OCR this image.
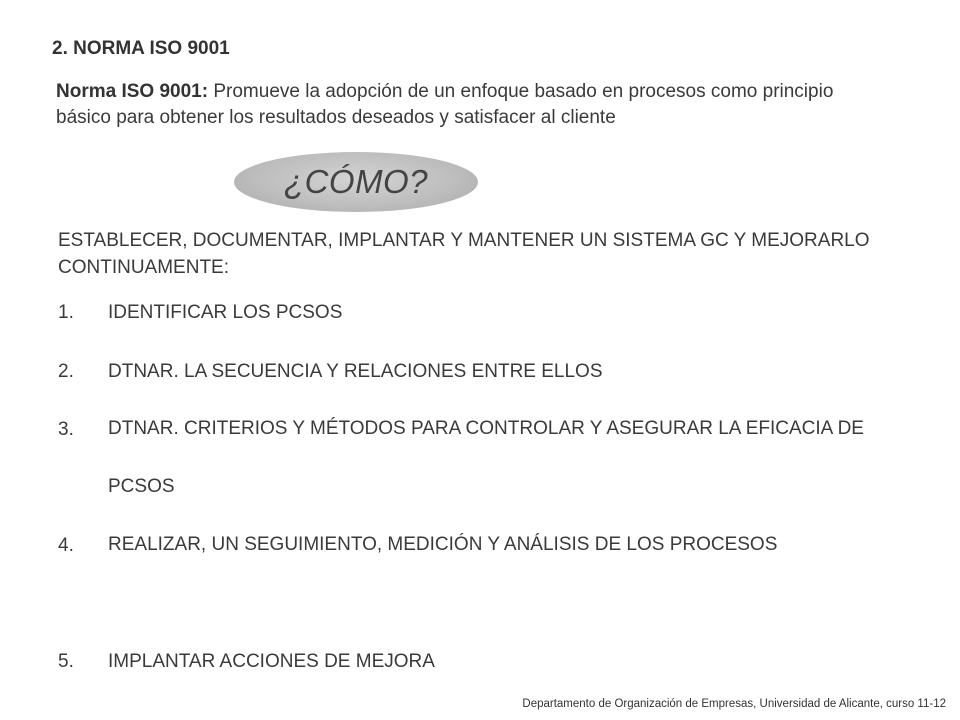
2. NORMA ISO 9001
Norma ISO 9001: Promueve la adopción de un enfoque basado en procesos como principio básico para obtener los resultados deseados y satisfacer al cliente
¿CÓMO?
ESTABLECER, DOCUMENTAR, IMPLANTAR Y MANTENER UN SISTEMA GC Y MEJORARLO CONTINUAMENTE:
1. IDENTIFICAR LOS PCSOS
2. DTNAR. LA SECUENCIA Y RELACIONES ENTRE ELLOS
3. DTNAR. CRITERIOS Y MÉTODOS PARA CONTROLAR Y ASEGURAR LA EFICACIA DE PCSOS
4. REALIZAR, UN SEGUIMIENTO, MEDICIÓN Y ANÁLISIS DE LOS PROCESOS
5. IMPLANTAR ACCIONES DE MEJORA
Departamento de Organización de Empresas, Universidad de Alicante, curso 11-12
